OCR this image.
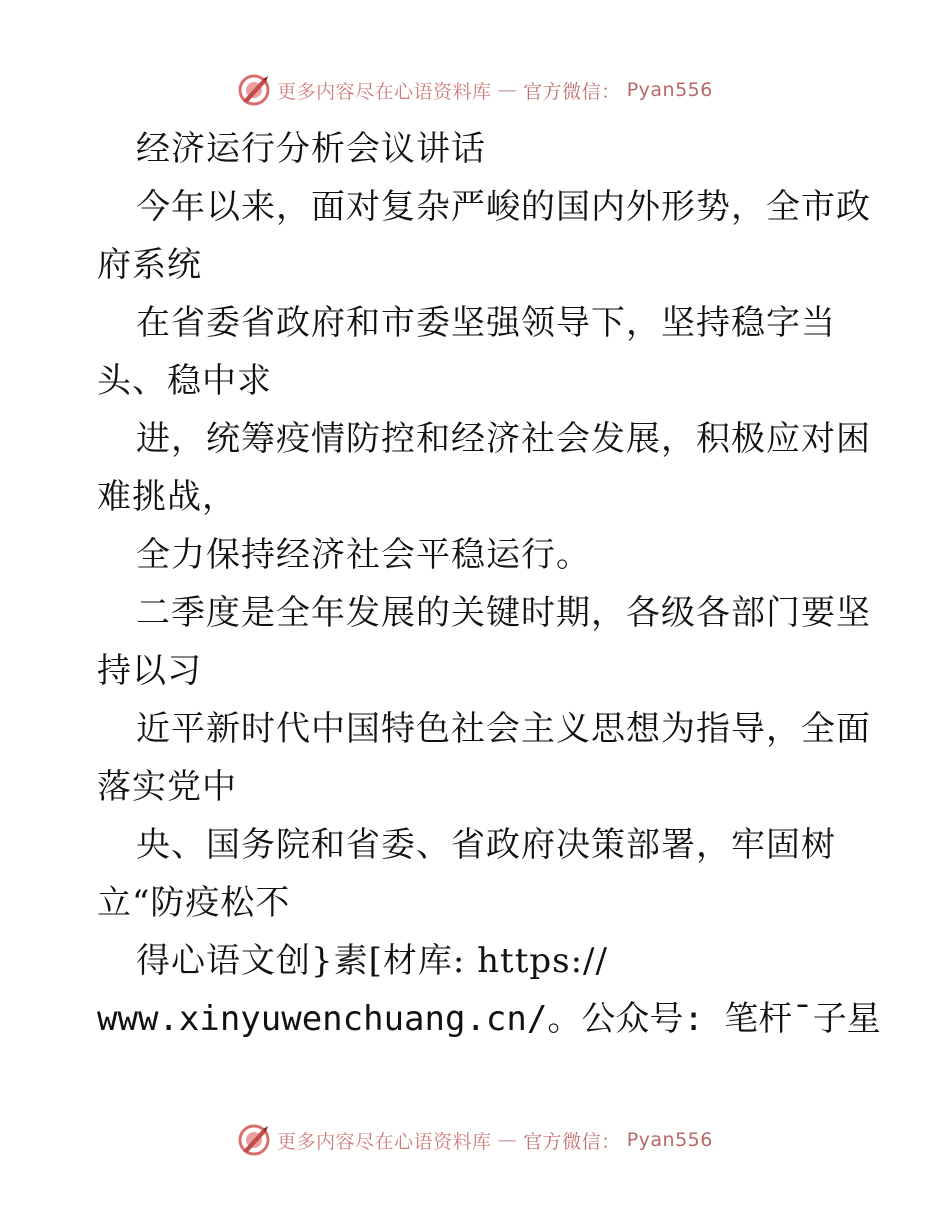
更多内容尽在心语资料库 — 官方微信： Pyan556
经济运行分析会议讲话
今年以来，面对复杂严峻的国内外形势，全市政
府系统
在省委省政府和市委坚强领导下，坚持稳字当
头、稳中求
进，统筹疫情防控和经济社会发展，积极应对困
难挑战，
全力保持经济社会平稳运行。
二季度是全年发展的关键时期，各级各部门要坚
持以习
近平新时代中国特色社会主义思想为指导，全面
落实党中
央、国务院和省委、省政府决策部署，牢固树
立“防疫松不
得心语文创}素[材库: https://
www.xinyuwenchuang.cn/。公众号: 笔杆¯子星
更多内容尽在心语资料库 — 官方微信： Pyan556
